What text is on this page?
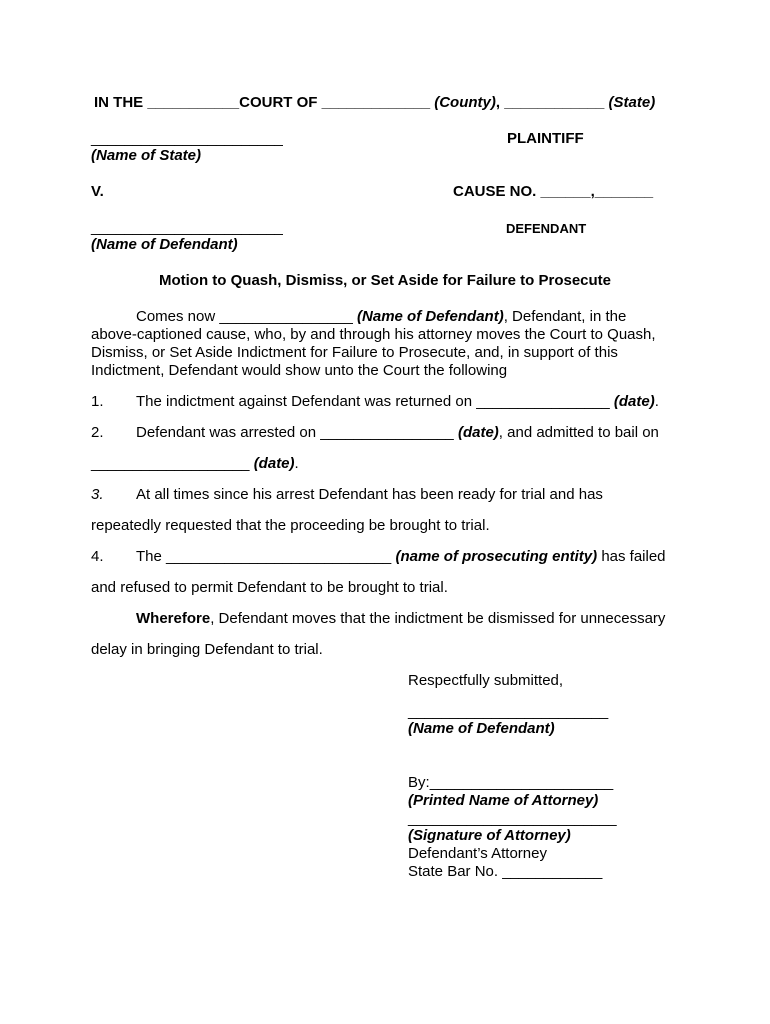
IN THE ___________COURT OF _____________ (County), ____________ (State)
_______________________
(Name of State)
PLAINTIFF
V.	CAUSE NO. ______,_______
_______________________
(Name of Defendant)
DEFENDANT
Motion to Quash, Dismiss, or Set Aside for Failure to Prosecute
Comes now ________________ (Name of Defendant), Defendant, in the above-captioned cause, who, by and through his attorney moves the Court to Quash, Dismiss, or Set Aside Indictment for Failure to Prosecute, and, in support of this Indictment, Defendant would show unto the Court the following
1. The indictment against Defendant was returned on ________________ (date).
2. Defendant was arrested on ________________ (date), and admitted to bail on
___________________ (date).
3. At all times since his arrest Defendant has been ready for trial and has
repeatedly requested that the proceeding be brought to trial.
4. The ___________________________ (name of prosecuting entity) has failed
and refused to permit Defendant to be brought to trial.
Wherefore, Defendant moves that the indictment be dismissed for unnecessary
delay in bringing Defendant to trial.
Respectfully submitted,
________________________
(Name of Defendant)
By:______________________
(Printed Name of Attorney)
_________________________
(Signature of Attorney)
Defendant’s Attorney
State Bar No. ____________
